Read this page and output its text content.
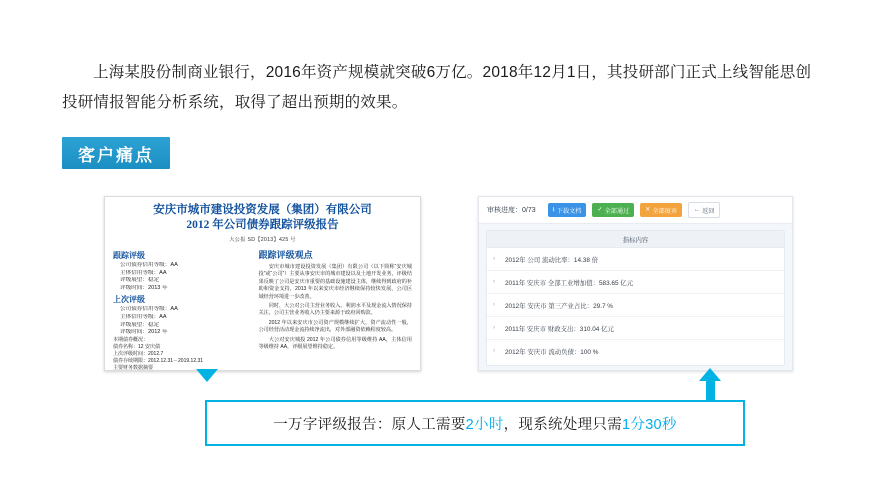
上海某股份制商业银行，2016年资产规模就突破6万亿。2018年12月1日，其投研部门正式上线智能思创投研情报智能分析系统，取得了超出预期的效果。
客户痛点
安庆市城市建设投资发展（集团）有限公司
2012 年公司债券跟踪评级报告
大公报 SD【2013】425 号
跟踪评级
公司债券信用等级：AA
主体信用等级：AA
评级展望：稳定
评级时间：2013 年
上次评级
公司债券信用等级：AA
主体信用等级：AA
评级展望：稳定
评级时间：2012 年
本期债券概况：
债券名称：12 安庆债
上次评级时间：2012.7
债券存续期限：2012.12.31－2019.12.31
主要财务数据摘要
跟踪评级观点
安庆市城市建设投资发展（集团）有限公司（以下简称“安庆城投”或“公司”）主要从事安庆市的城市建设以及土地开发业务，评级结果反映了公司是安庆市重要的基础设施建设主体，继续得到政府的补助和资金支持，2013 年以来安庆市经济继续保持较快发展，公司区域经营环境进一步改善。
同时，大公对公司主营业务收入、利润水平及现金流入情况保持关注，公司主营业务收入仍主要来源于政府回购款。
2012 年以来安庆市公司资产规模继续扩大，资产流动性一般，公司经营活动现金流持续净流出，对外部融资依赖程度较高。
大公对安庆城投 2012 年公司债券信用等级维持 AA，主体信用等级维持 AA，评级展望维持稳定。
审核进度：0/73	⭳ 下载文档	✓ 全部通过	✕ 全部废弃	← 返回
指标内容
›	2012年 公司 流动比率：14.38 倍
›	2011年 安庆市 全部工业增加值：583.65 亿元
›	2012年 安庆市 第三产业占比：29.7 %
›	2011年 安庆市 财政支出：310.04 亿元
›	2012年 安庆市 流动负债：100 %
一万字评级报告：原人工需要 2小时 ，现系统处理只需 1分30秒
